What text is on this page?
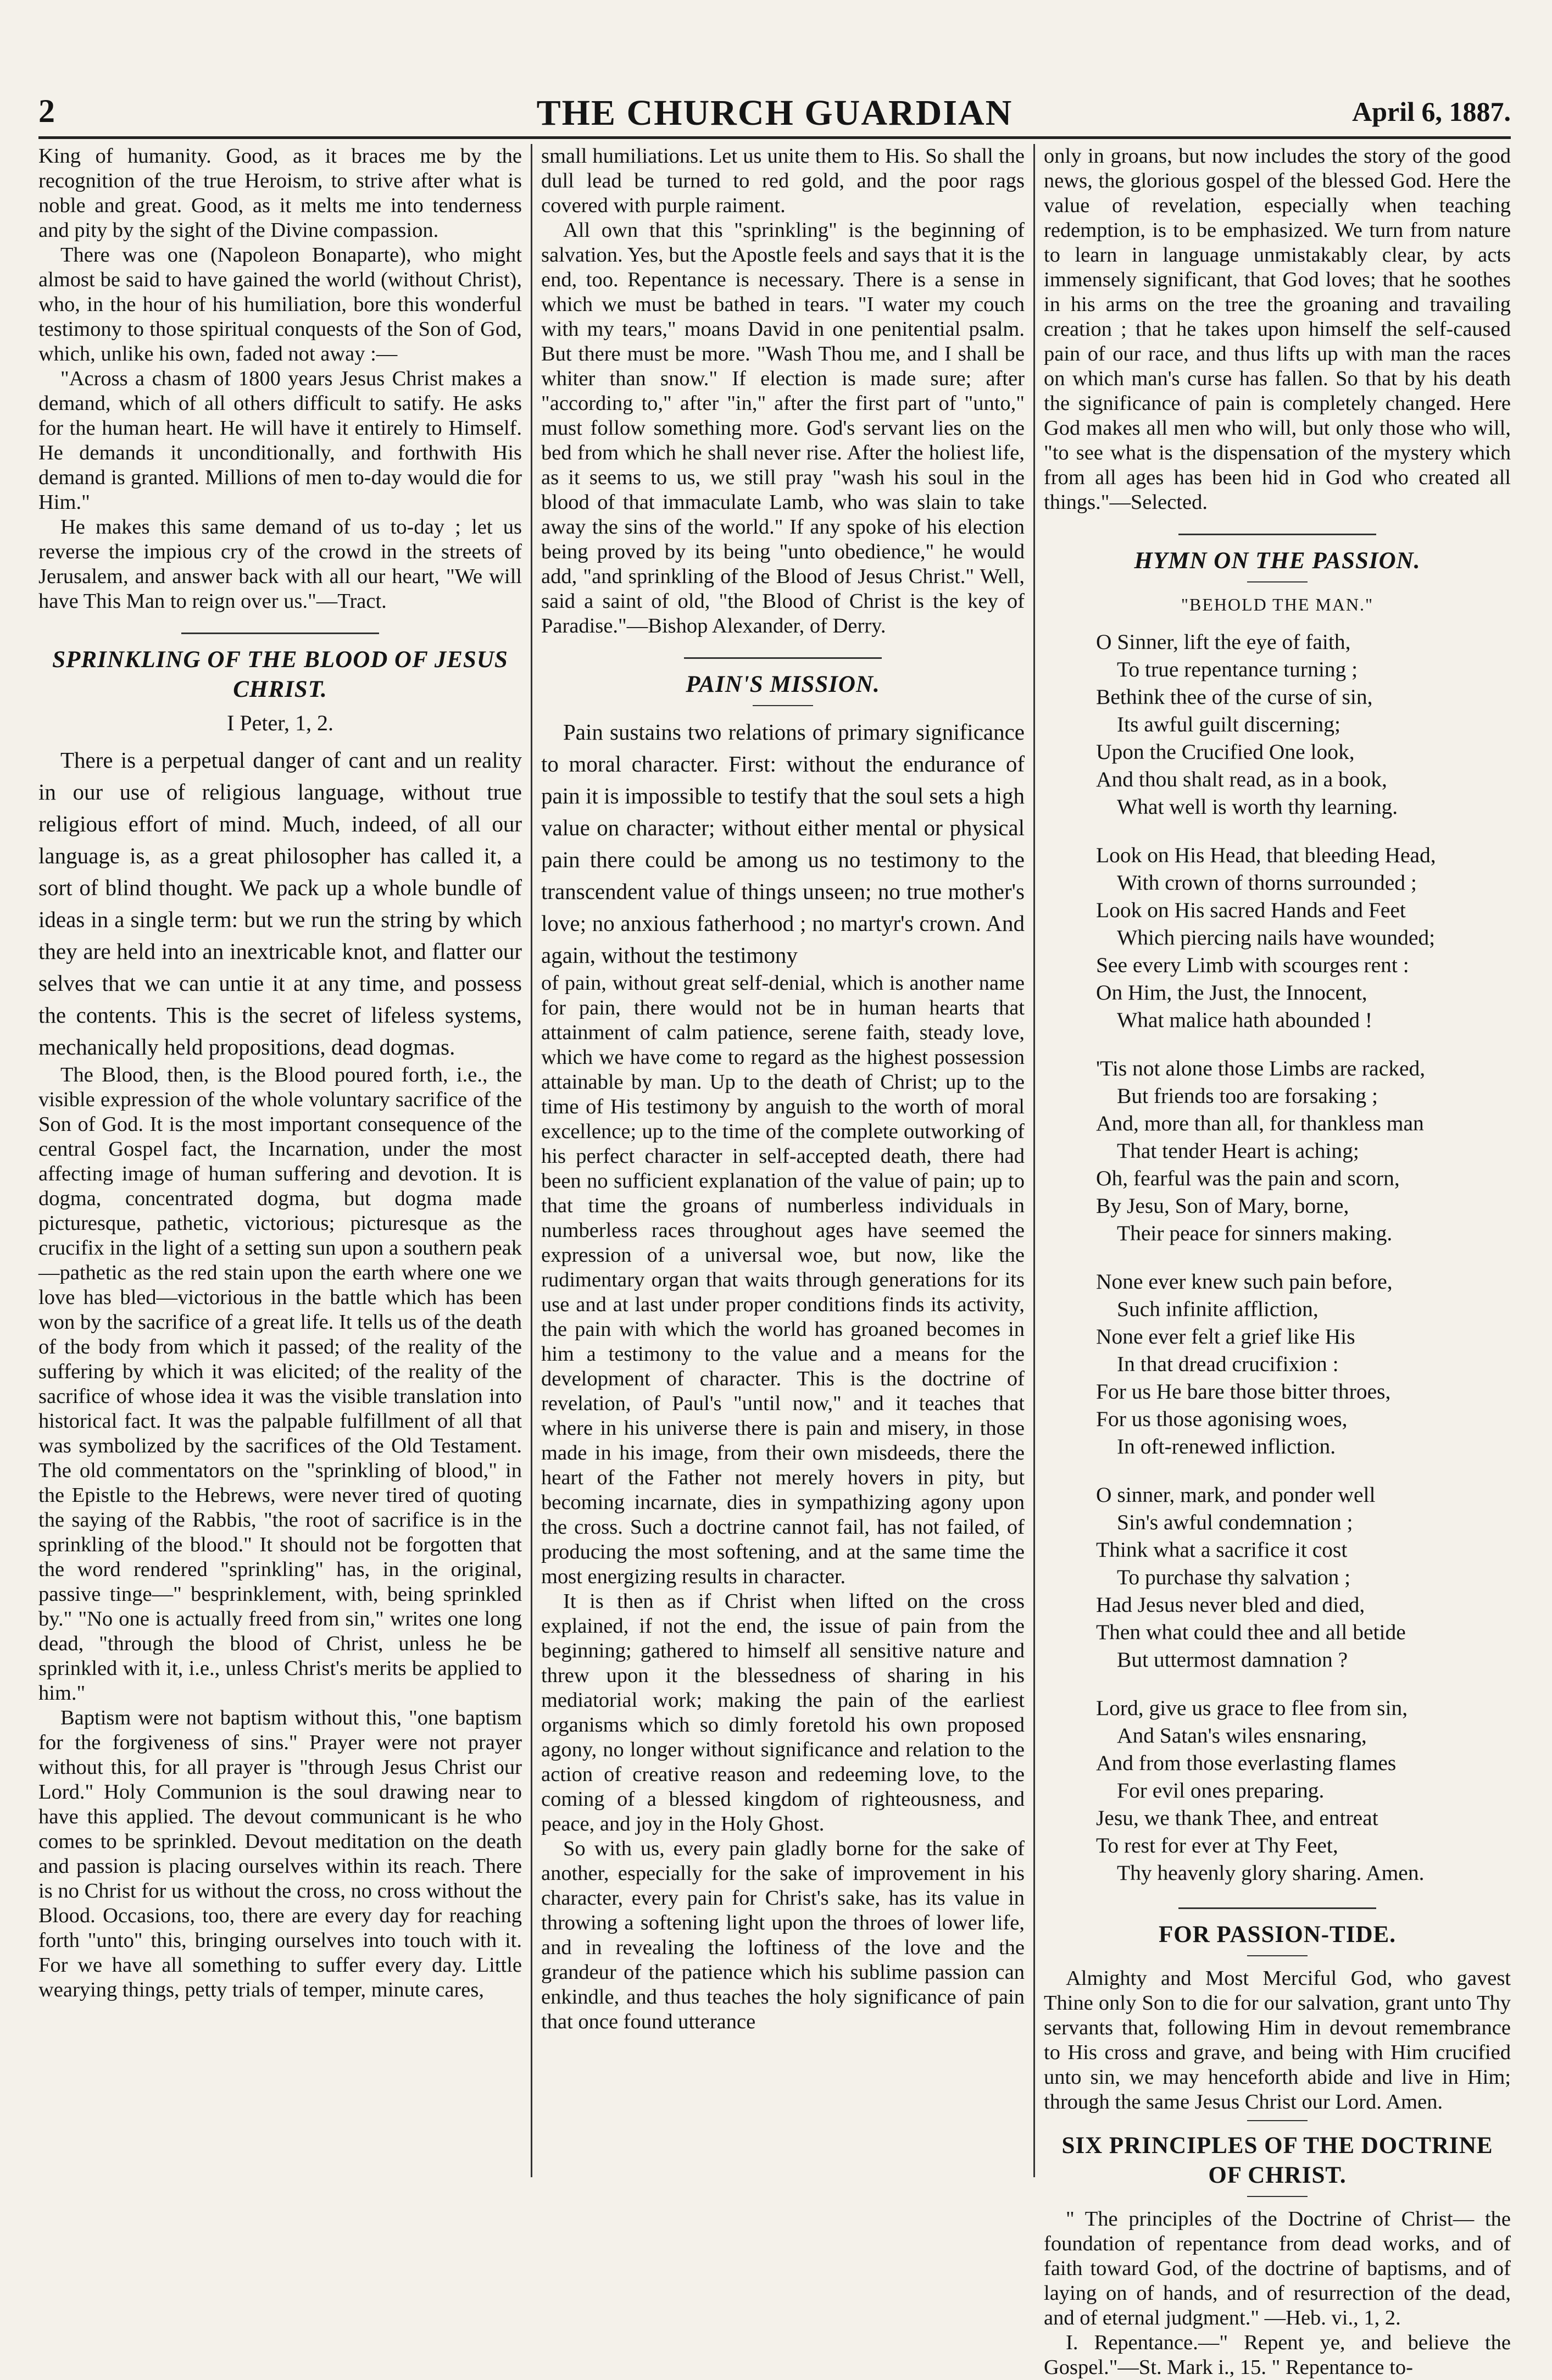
2	THE CHURCH GUARDIAN	April 6, 1887.

King of humanity. Good, as it braces me by the recognition of the true Heroism, to strive after what is noble and great. Good, as it melts me into tenderness and pity by the sight of the Divine compassion.

There was one (Napoleon Bonaparte), who might almost be said to have gained the world (without Christ), who, in the hour of his humiliation, bore this wonderful testimony to those spiritual conquests of the Son of God, which, unlike his own, faded not away :—

"Across a chasm of 1800 years Jesus Christ makes a demand, which of all others difficult to satify. He asks for the human heart. He will have it entirely to Himself. He demands it unconditionally, and forthwith His demand is granted. Millions of men to-day would die for Him."

He makes this same demand of us to-day ; let us reverse the impious cry of the crowd in the streets of Jerusalem, and answer back with all our heart, "We will have This Man to reign over us."—Tract.

SPRINKLING OF THE BLOOD OF JESUS CHRIST.
I Peter, 1, 2.

There is a perpetual danger of cant and un reality in our use of religious language, without true religious effort of mind. Much, indeed, of all our language is, as a great philosopher has called it, a sort of blind thought. We pack up a whole bundle of ideas in a single term: but we run the string by which they are held into an inextricable knot, and flatter our selves that we can untie it at any time, and possess the contents. This is the secret of lifeless systems, mechanically held propositions, dead dogmas.

The Blood, then, is the Blood poured forth, i.e., the visible expression of the whole voluntary sacrifice of the Son of God. It is the most important consequence of the central Gospel fact, the Incarnation, under the most affecting image of human suffering and devotion. It is dogma, concentrated dogma, but dogma made picturesque, pathetic, victorious; picturesque as the crucifix in the light of a setting sun upon a southern peak—pathetic as the red stain upon the earth where one we love has bled—victorious in the battle which has been won by the sacrifice of a great life. It tells us of the death of the body from which it passed; of the reality of the suffering by which it was elicited; of the reality of the sacrifice of whose idea it was the visible translation into historical fact. It was the palpable fulfillment of all that was symbolized by the sacrifices of the Old Testament. The old commentators on the "sprinkling of blood," in the Epistle to the Hebrews, were never tired of quoting the saying of the Rabbis, "the root of sacrifice is in the sprinkling of the blood." It should not be forgotten that the word rendered "sprinkling" has, in the original, passive tinge—" besprinklement, with, being sprinkled by." "No one is actually freed from sin," writes one long dead, "through the blood of Christ, unless he be sprinkled with it, i.e., unless Christ's merits be applied to him."

Baptism were not baptism without this, "one baptism for the forgiveness of sins." Prayer were not prayer without this, for all prayer is "through Jesus Christ our Lord." Holy Communion is the soul drawing near to have this applied. The devout communicant is he who comes to be sprinkled. Devout meditation on the death and passion is placing ourselves within its reach. There is no Christ for us without the cross, no cross without the Blood. Occasions, too, there are every day for reaching forth "unto" this, bringing ourselves into touch with it. For we have all something to suffer every day. Little wearying things, petty trials of temper, minute cares,

small humiliations. Let us unite them to His. So shall the dull lead be turned to red gold, and the poor rags covered with purple raiment.

All own that this "sprinkling" is the beginning of salvation. Yes, but the Apostle feels and says that it is the end, too. Repentance is necessary. There is a sense in which we must be bathed in tears. "I water my couch with my tears," moans David in one penitential psalm. But there must be more. "Wash Thou me, and I shall be whiter than snow." If election is made sure; after "according to," after "in," after the first part of "unto," must follow something more. God's servant lies on the bed from which he shall never rise. After the holiest life, as it seems to us, we still pray "wash his soul in the blood of that immaculate Lamb, who was slain to take away the sins of the world." If any spoke of his election being proved by its being "unto obedience," he would add, "and sprinkling of the Blood of Jesus Christ." Well, said a saint of old, "the Blood of Christ is the key of Paradise."—Bishop Alexander, of Derry.

PAIN'S MISSION.

Pain sustains two relations of primary significance to moral character. First: without the endurance of pain it is impossible to testify that the soul sets a high value on character; without either mental or physical pain there could be among us no testimony to the transcendent value of things unseen; no true mother's love; no anxious fatherhood ; no martyr's crown. And again, without the testimony

of pain, without great self-denial, which is another name for pain, there would not be in human hearts that attainment of calm patience, serene faith, steady love, which we have come to regard as the highest possession attainable by man. Up to the death of Christ; up to the time of His testimony by anguish to the worth of moral excellence; up to the time of the complete outworking of his perfect character in self-accepted death, there had been no sufficient explanation of the value of pain; up to that time the groans of numberless individuals in numberless races throughout ages have seemed the expression of a universal woe, but now, like the rudimentary organ that waits through generations for its use and at last under proper conditions finds its activity, the pain with which the world has groaned becomes in him a testimony to the value and a means for the development of character. This is the doctrine of revelation, of Paul's "until now," and it teaches that where in his universe there is pain and misery, in those made in his image, from their own misdeeds, there the heart of the Father not merely hovers in pity, but becoming incarnate, dies in sympathizing agony upon the cross. Such a doctrine cannot fail, has not failed, of producing the most softening, and at the same time the most energizing results in character.

It is then as if Christ when lifted on the cross explained, if not the end, the issue of pain from the beginning; gathered to himself all sensitive nature and threw upon it the blessedness of sharing in his mediatorial work; making the pain of the earliest organisms which so dimly foretold his own proposed agony, no longer without significance and relation to the action of creative reason and redeeming love, to the coming of a blessed kingdom of righteousness, and peace, and joy in the Holy Ghost.

So with us, every pain gladly borne for the sake of another, especially for the sake of improvement in his character, every pain for Christ's sake, has its value in throwing a softening light upon the throes of lower life, and in revealing the loftiness of the love and the grandeur of the patience which his sublime passion can enkindle, and thus teaches the holy significance of pain that once found utterance

only in groans, but now includes the story of the good news, the glorious gospel of the blessed God. Here the value of revelation, especially when teaching redemption, is to be emphasized. We turn from nature to learn in language unmistakably clear, by acts immensely significant, that God loves; that he soothes in his arms on the tree the groaning and travailing creation ; that he takes upon himself the self-caused pain of our race, and thus lifts up with man the races on which man's curse has fallen. So that by his death the significance of pain is completely changed. Here God makes all men who will, but only those who will, "to see what is the dispensation of the mystery which from all ages has been hid in God who created all things."—Selected.

HYMN ON THE PASSION.
"BEHOLD THE MAN."
O Sinner, lift the eye of faith,
To true repentance turning ;
Bethink thee of the curse of sin,
Its awful guilt discerning;
Upon the Crucified One look,
And thou shalt read, as in a book,
What well is worth thy learning.
Look on His Head, that bleeding Head,
With crown of thorns surrounded ;
Look on His sacred Hands and Feet
Which piercing nails have wounded;
See every Limb with scourges rent :
On Him, the Just, the Innocent,
What malice hath abounded !
'Tis not alone those Limbs are racked,
But friends too are forsaking ;
And, more than all, for thankless man
That tender Heart is aching;
Oh, fearful was the pain and scorn,
By Jesu, Son of Mary, borne,
Their peace for sinners making.
None ever knew such pain before,
Such infinite affliction,
None ever felt a grief like His
In that dread crucifixion :
For us He bare those bitter throes,
For us those agonising woes,
In oft-renewed infliction.
O sinner, mark, and ponder well
Sin's awful condemnation ;
Think what a sacrifice it cost
To purchase thy salvation ;
Had Jesus never bled and died,
Then what could thee and all betide
But uttermost damnation ?
Lord, give us grace to flee from sin,
And Satan's wiles ensnaring,
And from those everlasting flames
For evil ones preparing.
Jesu, we thank Thee, and entreat
To rest for ever at Thy Feet,
Thy heavenly glory sharing. Amen.
FOR PASSION-TIDE.

Almighty and Most Merciful God, who gavest Thine only Son to die for our salvation, grant unto Thy servants that, following Him in devout remembrance to His cross and grave, and being with Him crucified unto sin, we may henceforth abide and live in Him; through the same Jesus Christ our Lord. Amen.

SIX PRINCIPLES OF THE DOCTRINE OF CHRIST.

" The principles of the Doctrine of Christ— the foundation of repentance from dead works, and of faith toward God, of the doctrine of baptisms, and of laying on of hands, and of resurrection of the dead, and of eternal judgment." —Heb. vi., 1, 2.

I. Repentance.—" Repent ye, and believe the Gospel."—St. Mark i., 15. " Repentance to-
